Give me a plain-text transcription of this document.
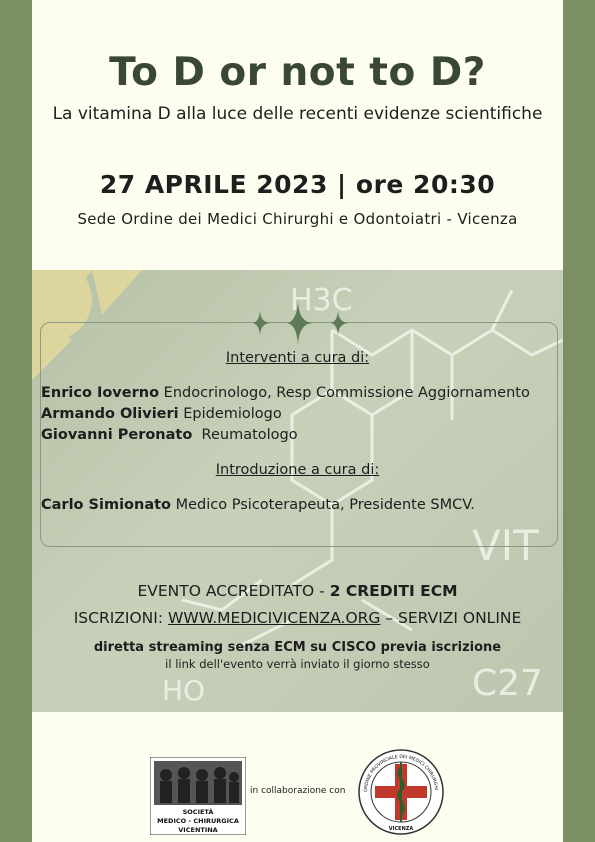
To D or not to D?
La vitamina D alla luce delle recenti evidenze scientifiche
27 APRILE 2023 | ore 20:30
Sede Ordine dei Medici Chirurghi e Odontoiatri - Vicenza
H3C
VIT
HO	C27
Interventi a cura di:
Enrico Ioverno Endocrinologo, Resp Commissione Aggiornamento
Armando Olivieri Epidemiologo
Giovanni Peronato  Reumatologo
Introduzione a cura di:
Carlo Simionato Medico Psicoterapeuta, Presidente SMCV.
EVENTO ACCREDITATO - 2 CREDITI ECM
ISCRIZIONI: WWW.MEDICIVICENZA.ORG – SERVIZI ONLINE
diretta streaming senza ECM su CISCO previa iscrizione
il link dell'evento verrà inviato il giorno stesso
SOCIETÀ
MEDICO - CHIRURGICA
VICENTINA
in collaborazione con	ORDINE PROVINCIALE DEI MEDICI CHIRURGHI
VICENZA
